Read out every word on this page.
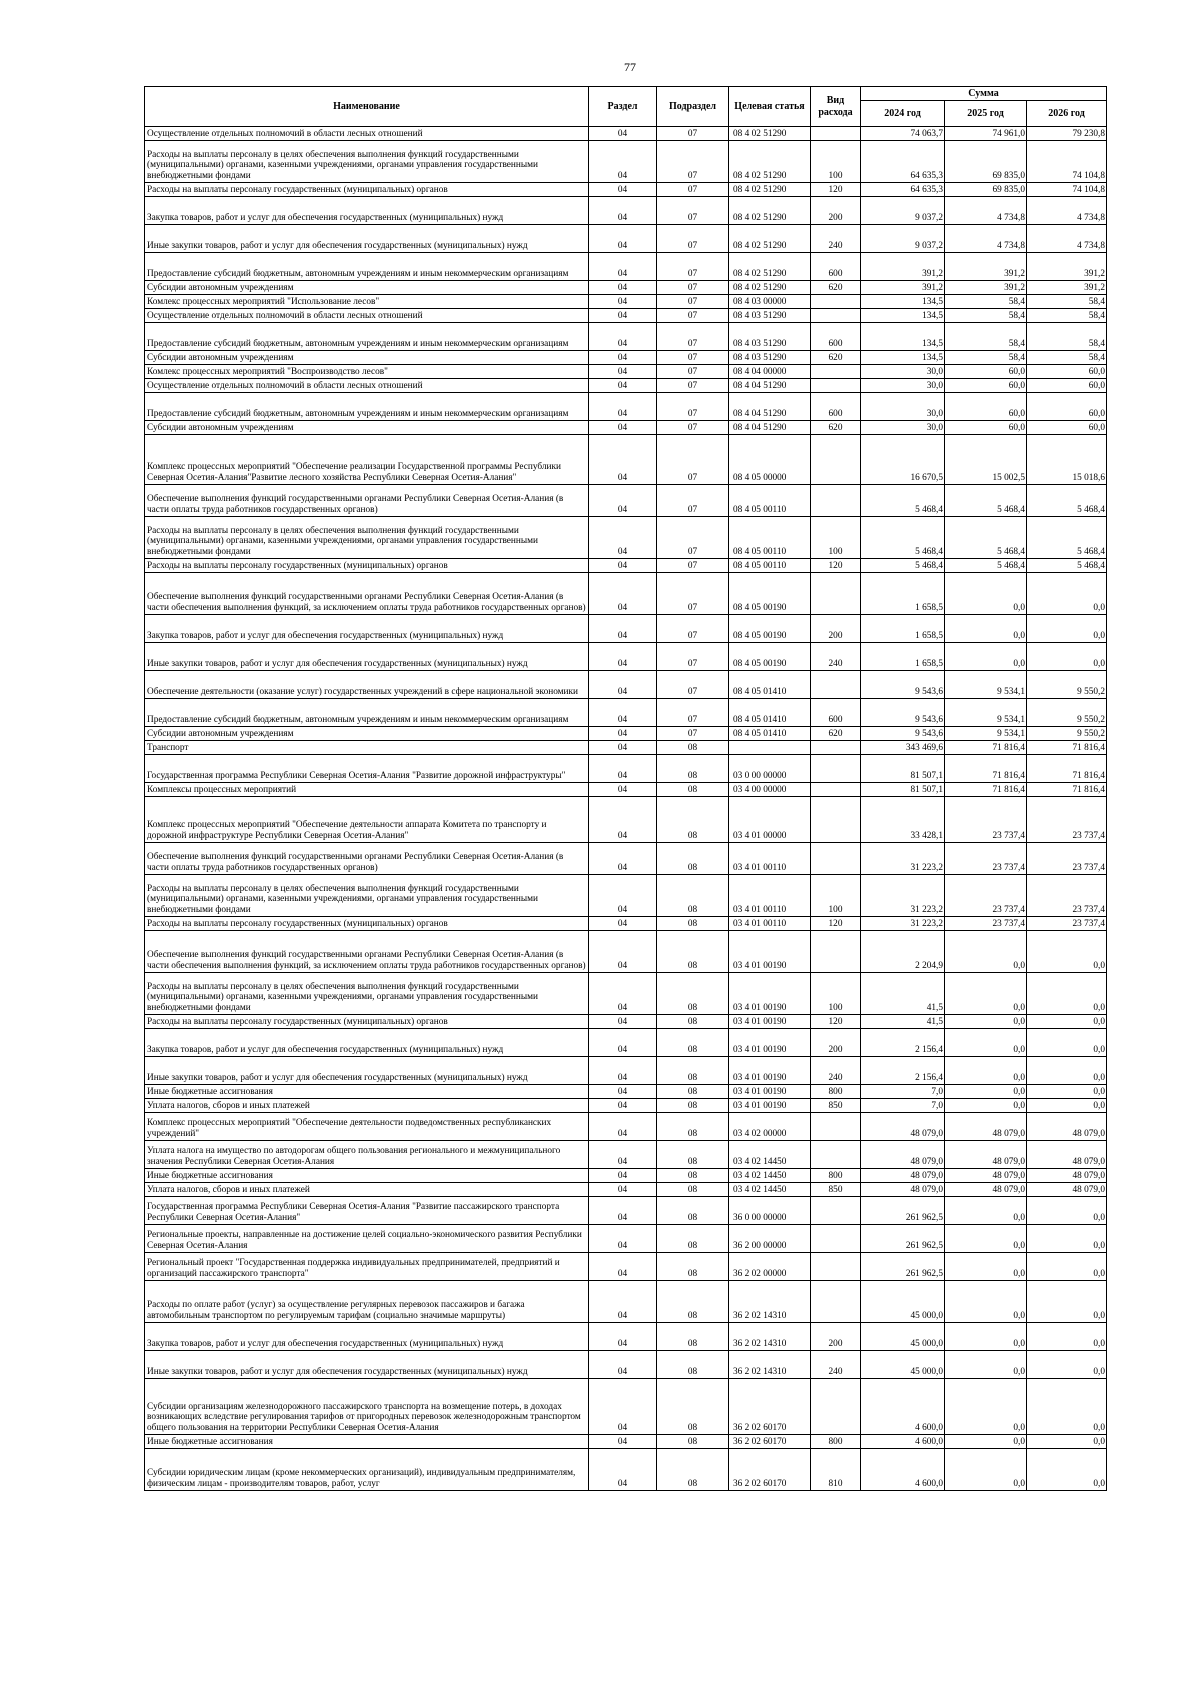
77
Наименование	Раздел	Подраздел	Целевая статья	Вид расхода	Сумма		
					2024 год	2025 год	2026 год
Осуществление отдельных полномочий в области лесных отношений	04	07	08 4 02 51290		74 063,7	74 961,0	79 230,8
Расходы на выплаты персоналу в целях обеспечения выполнения функций государственными (муниципальными) органами, казенными учреждениями, органами управления государственными внебюджетными фондами	04	07	08 4 02 51290	100	64 635,3	69 835,0	74 104,8
Расходы на выплаты персоналу государственных (муниципальных) органов	04	07	08 4 02 51290	120	64 635,3	69 835,0	74 104,8
Закупка товаров, работ и услуг для обеспечения государственных (муниципальных) нужд	04	07	08 4 02 51290	200	9 037,2	4 734,8	4 734,8
Иные закупки товаров, работ и услуг для обеспечения государственных (муниципальных) нужд	04	07	08 4 02 51290	240	9 037,2	4 734,8	4 734,8
Предоставление субсидий бюджетным, автономным учреждениям и иным некоммерческим организациям	04	07	08 4 02 51290	600	391,2	391,2	391,2
Субсидии автономным учреждениям	04	07	08 4 02 51290	620	391,2	391,2	391,2
Комлекс процессных мероприятий "Использование лесов"	04	07	08 4 03 00000		134,5	58,4	58,4
Осуществление отдельных полномочий в области лесных отношений	04	07	08 4 03 51290		134,5	58,4	58,4
Предоставление субсидий бюджетным, автономным учреждениям и иным некоммерческим организациям	04	07	08 4 03 51290	600	134,5	58,4	58,4
Субсидии автономным учреждениям	04	07	08 4 03 51290	620	134,5	58,4	58,4
Комлекс процессных мероприятий "Воспроизводство лесов"	04	07	08 4 04 00000		30,0	60,0	60,0
Осуществление отдельных полномочий в области лесных отношений	04	07	08 4 04 51290		30,0	60,0	60,0
Предоставление субсидий бюджетным, автономным учреждениям и иным некоммерческим организациям	04	07	08 4 04 51290	600	30,0	60,0	60,0
Субсидии автономным учреждениям	04	07	08 4 04 51290	620	30,0	60,0	60,0
Комплекс процессных мероприятий "Обеспечение реализации Государственной программы Республики Северная Осетия-Алания"Развитие лесного хозяйства Республики Северная Осетия-Алания"	04	07	08 4 05 00000		16 670,5	15 002,5	15 018,6
Обеспечение выполнения функций государственными органами Республики Северная Осетия-Алания (в части оплаты труда работников государственных органов)	04	07	08 4 05 00110		5 468,4	5 468,4	5 468,4
Расходы на выплаты персоналу в целях обеспечения выполнения функций государственными (муниципальными) органами, казенными учреждениями, органами управления государственными внебюджетными фондами	04	07	08 4 05 00110	100	5 468,4	5 468,4	5 468,4
Расходы на выплаты персоналу государственных (муниципальных) органов	04	07	08 4 05 00110	120	5 468,4	5 468,4	5 468,4
Обеспечение выполнения функций государственными органами Республики Северная Осетия-Алания (в части обеспечения выполнения функций, за исключением оплаты труда работников государственных органов)	04	07	08 4 05 00190		1 658,5	0,0	0,0
Закупка товаров, работ и услуг для обеспечения государственных (муниципальных) нужд	04	07	08 4 05 00190	200	1 658,5	0,0	0,0
Иные закупки товаров, работ и услуг для обеспечения государственных (муниципальных) нужд	04	07	08 4 05 00190	240	1 658,5	0,0	0,0
Обеспечение деятельности (оказание услуг) государственных учреждений в сфере национальной экономики	04	07	08 4 05 01410		9 543,6	9 534,1	9 550,2
Предоставление субсидий бюджетным, автономным учреждениям и иным некоммерческим организациям	04	07	08 4 05 01410	600	9 543,6	9 534,1	9 550,2
Субсидии автономным учреждениям	04	07	08 4 05 01410	620	9 543,6	9 534,1	9 550,2
Транспорт	04	08			343 469,6	71 816,4	71 816,4
Государственная программа Республики Северная Осетия-Алания "Развитие дорожной инфраструктуры"	04	08	03 0 00 00000		81 507,1	71 816,4	71 816,4
Комплексы процессных мероприятий	04	08	03 4 00 00000		81 507,1	71 816,4	71 816,4
Комплекс процессных мероприятий "Обеспечение деятельности аппарата Комитета по транспорту и дорожной инфраструктуре Республики Северная Осетия-Алания"	04	08	03 4 01 00000		33 428,1	23 737,4	23 737,4
Обеспечение выполнения функций государственными органами Республики Северная Осетия-Алания (в части оплаты труда работников государственных органов)	04	08	03 4 01 00110		31 223,2	23 737,4	23 737,4
Расходы на выплаты персоналу в целях обеспечения выполнения функций государственными (муниципальными) органами, казенными учреждениями, органами управления государственными внебюджетными фондами	04	08	03 4 01 00110	100	31 223,2	23 737,4	23 737,4
Расходы на выплаты персоналу государственных (муниципальных) органов	04	08	03 4 01 00110	120	31 223,2	23 737,4	23 737,4
Обеспечение выполнения функций государственными органами Республики Северная Осетия-Алания (в части обеспечения выполнения функций, за исключением оплаты труда работников государственных органов)	04	08	03 4 01 00190		2 204,9	0,0	0,0
Расходы на выплаты персоналу в целях обеспечения выполнения функций государственными (муниципальными) органами, казенными учреждениями, органами управления государственными внебюджетными фондами	04	08	03 4 01 00190	100	41,5	0,0	0,0
Расходы на выплаты персоналу государственных (муниципальных) органов	04	08	03 4 01 00190	120	41,5	0,0	0,0
Закупка товаров, работ и услуг для обеспечения государственных (муниципальных) нужд	04	08	03 4 01 00190	200	2 156,4	0,0	0,0
Иные закупки товаров, работ и услуг для обеспечения государственных (муниципальных) нужд	04	08	03 4 01 00190	240	2 156,4	0,0	0,0
Иные бюджетные ассигнования	04	08	03 4 01 00190	800	7,0	0,0	0,0
Уплата налогов, сборов и иных платежей	04	08	03 4 01 00190	850	7,0	0,0	0,0
Комплекс процессных мероприятий "Обеспечение деятельности подведомственных республиканских учреждений"	04	08	03 4 02 00000		48 079,0	48 079,0	48 079,0
Уплата налога на имущество по автодорогам общего пользования регионального и межмуниципального значения Республики Северная Осетия-Алания	04	08	03 4 02 14450		48 079,0	48 079,0	48 079,0
Иные бюджетные ассигнования	04	08	03 4 02 14450	800	48 079,0	48 079,0	48 079,0
Уплата налогов, сборов и иных платежей	04	08	03 4 02 14450	850	48 079,0	48 079,0	48 079,0
Государственная программа Республики Северная Осетия-Алания "Развитие пассажирского транспорта Республики Северная Осетия-Алания"	04	08	36 0 00 00000		261 962,5	0,0	0,0
Региональные проекты, направленные на достижение целей социально-экономического развития Республики Северная Осетия-Алания	04	08	36 2 00 00000		261 962,5	0,0	0,0
Региональный проект "Государственная поддержка индивидуальных предпринимателей, предприятий и организаций пассажирского транспорта"	04	08	36 2 02 00000		261 962,5	0,0	0,0
Расходы по оплате работ (услуг) за осуществление регулярных перевозок пассажиров и багажа автомобильным транспортом по регулируемым тарифам (социально значимые маршруты)	04	08	36 2 02 14310		45 000,0	0,0	0,0
Закупка товаров, работ и услуг для обеспечения государственных (муниципальных) нужд	04	08	36 2 02 14310	200	45 000,0	0,0	0,0
Иные закупки товаров, работ и услуг для обеспечения государственных (муниципальных) нужд	04	08	36 2 02 14310	240	45 000,0	0,0	0,0
Субсидии организациям железнодорожного пассажирского транспорта на возмещение потерь, в доходах возникающих вследствие регулирования тарифов от пригородных перевозок железнодорожным транспортом общего пользования на территории Республики Северная Осетия-Алания	04	08	36 2 02 60170		4 600,0	0,0	0,0
Иные бюджетные ассигнования	04	08	36 2 02 60170	800	4 600,0	0,0	0,0
Субсидии юридическим лицам (кроме некоммерческих организаций), индивидуальным предпринимателям, физическим лицам - производителям товаров, работ, услуг	04	08	36 2 02 60170	810	4 600,0	0,0	0,0
